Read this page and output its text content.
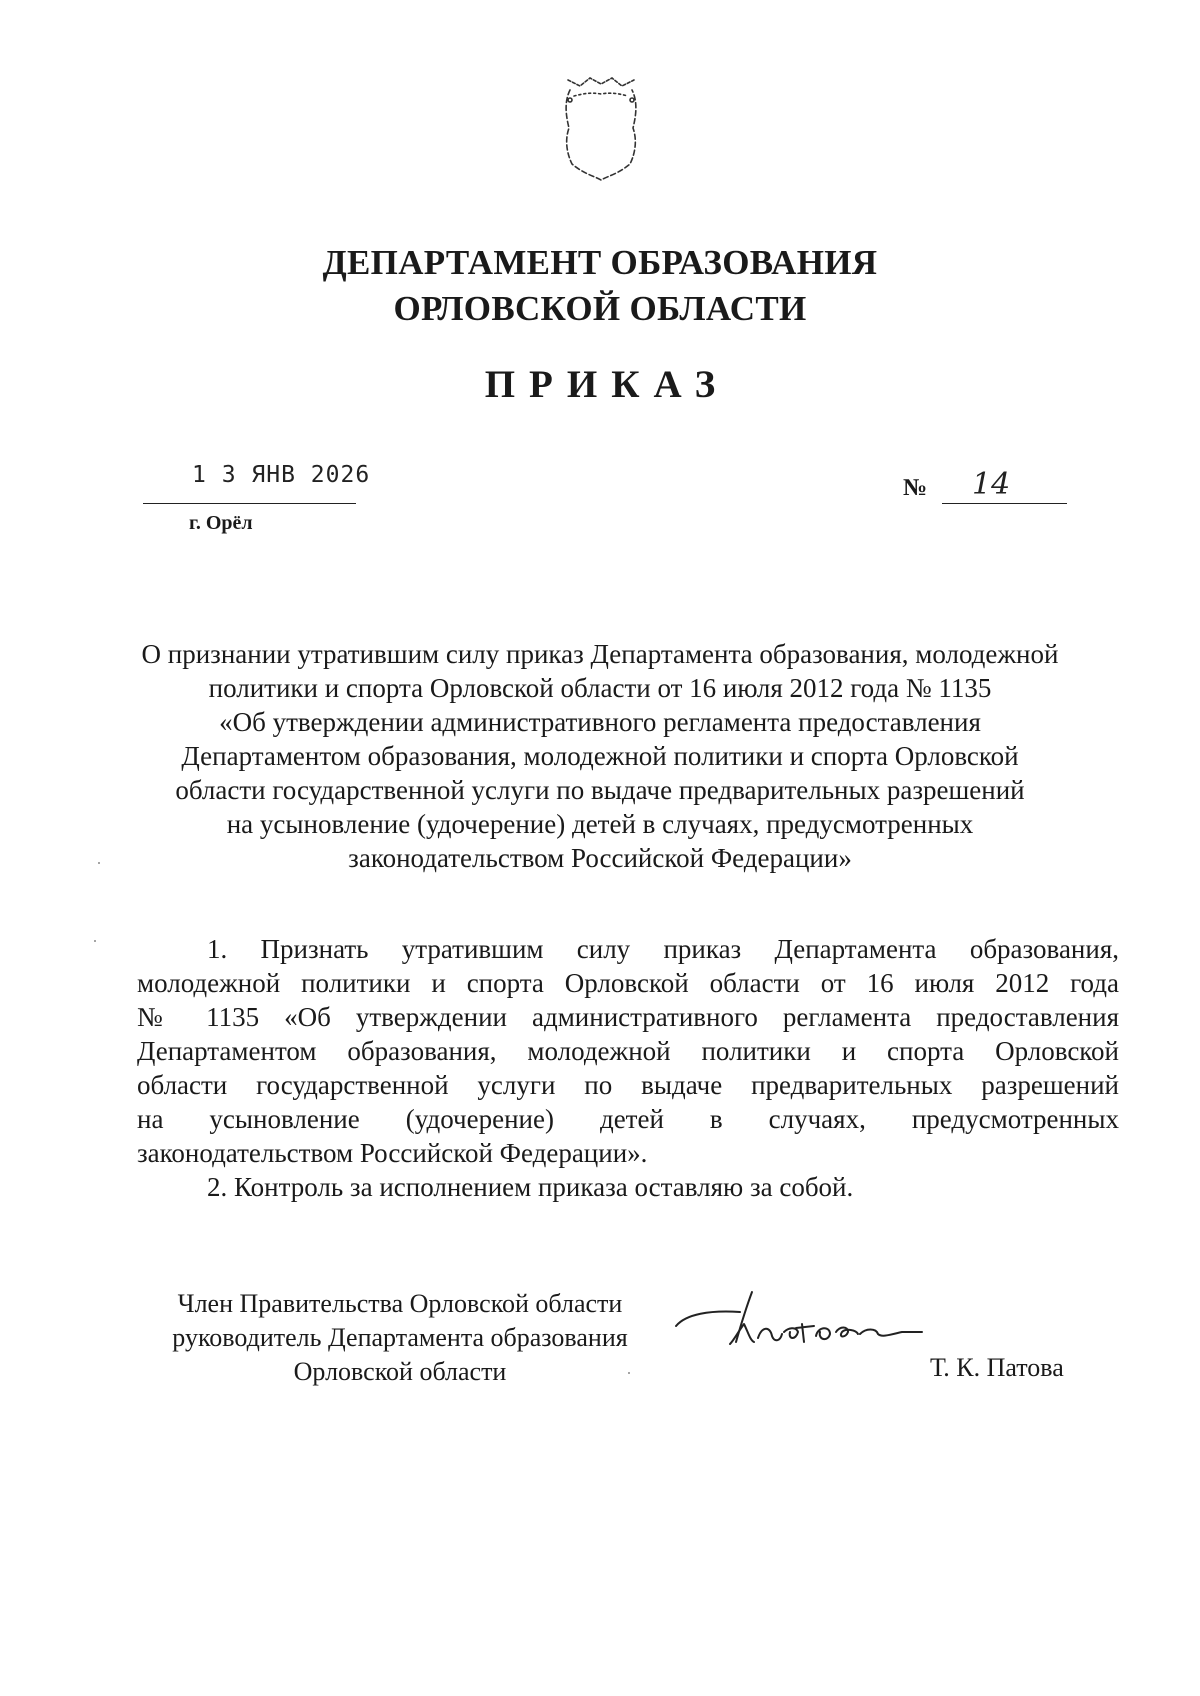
ДЕПАРТАМЕНТ ОБРАЗОВАНИЯ
ОРЛОВСКОЙ ОБЛАСТИ
ПРИКАЗ
1 3 ЯНВ 2026
г. Орёл
№ 14
О признании утратившим силу приказ Департамента образования, молодежной
политики и спорта Орловской области от 16 июля 2012 года № 1135
«Об утверждении административного регламента предоставления
Департаментом образования, молодежной политики и спорта Орловской
области государственной услуги по выдаче предварительных разрешений
на усыновление (удочерение) детей в случаях, предусмотренных
законодательством Российской Федерации»
1. Признать утратившим силу приказ Департамента образования,
молодежной политики и спорта Орловской области от 16 июля 2012 года
№ 1135 «Об утверждении административного регламента предоставления
Департаментом образования, молодежной политики и спорта Орловской
области государственной услуги по выдаче предварительных разрешений
на усыновление (удочерение) детей в случаях, предусмотренных
законодательством Российской Федерации».
2. Контроль за исполнением приказа оставляю за собой.
Член Правительства Орловской области
руководитель Департамента образования
Орловской области	Т. К. Патова
